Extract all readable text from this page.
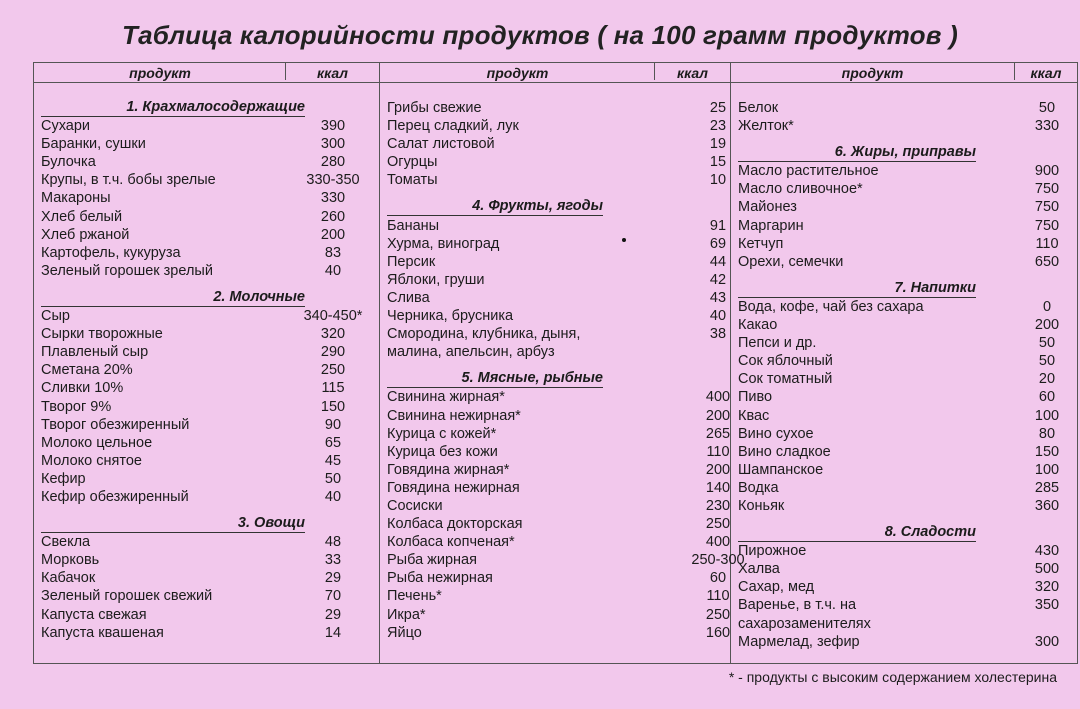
Таблица калорийности продуктов ( на 100 грамм продуктов )
продукт	ккал
1. Крахмалосодержащие
Сухари	390
Баранки, сушки	300
Булочка	280
Крупы, в т.ч. бобы зрелые	330-350
Макароны	330
Хлеб белый	260
Хлеб ржаной	200
Картофель, кукуруза	83
Зеленый горошек зрелый	40
2. Молочные
Сыр	340-450*
Сырки творожные	320
Плавленый сыр	290
Сметана 20%	250
Сливки 10%	115
Творог 9%	150
Творог обезжиренный	90
Молоко цельное	65
Молоко снятое	45
Кефир	50
Кефир обезжиренный	40
3. Овощи
Свекла	48
Морковь	33
Кабачок	29
Зеленый горошек свежий	70
Капуста свежая	29
Капуста квашеная	14
продукт	ккал
Грибы свежие	25
Перец сладкий, лук	23
Салат листовой	19
Огурцы	15
Томаты	10
4. Фрукты, ягоды
Бананы	91
Хурма, виноград	69
Персик	44
Яблоки, груши	42
Слива	43
Черника, брусника	40
Смородина, клубника, дыня,	38
малина, апельсин, арбуз
5. Мясные, рыбные
Свинина жирная*	400
Свинина нежирная*	200
Курица с кожей*	265
Курица без кожи	110
Говядина жирная*	200
Говядина нежирная	140
Сосиски	230
Колбаса докторская	250
Колбаса копченая*	400
Рыба жирная	250-300
Рыба нежирная	60
Печень*	110
Икра*	250
Яйцо	160
продукт	ккал
Белок	50
Желток*	330
6. Жиры, приправы
Масло растительное	900
Масло сливочное*	750
Майонез	750
Маргарин	750
Кетчуп	110
Орехи, семечки	650
7. Напитки
Вода, кофе, чай без сахара	0
Какао	200
Пепси и др.	50
Сок яблочный	50
Сок томатный	20
Пиво	60
Квас	100
Вино сухое	80
Вино сладкое	150
Шампанское	100
Водка	285
Коньяк	360
8. Сладости
Пирожное	430
Халва	500
Сахар, мед	320
Варенье, в т.ч. на	350
сахарозаменителях
Мармелад, зефир	300
* - продукты с высоким содержанием холестерина
